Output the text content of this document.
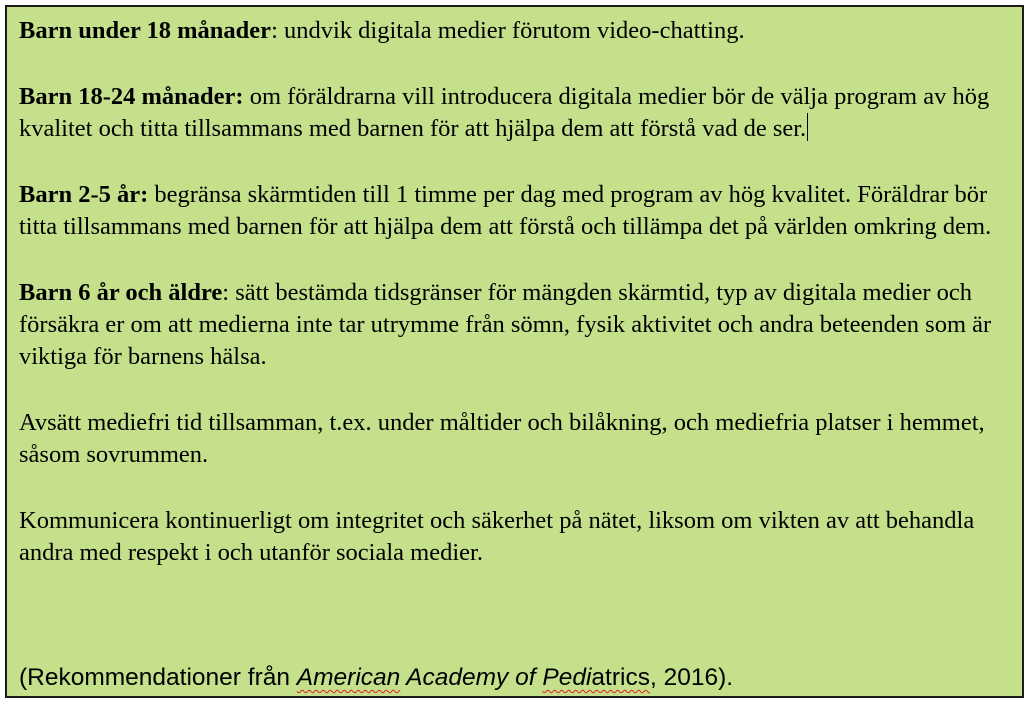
Barn under 18 månader: undvik digitala medier förutom video-chatting.

Barn 18-24 månader: om föräldrarna vill introducera digitala medier bör de välja program av hög kvalitet och titta tillsammans med barnen för att hjälpa dem att förstå vad de ser.

Barn 2-5 år: begränsa skärmtiden till 1 timme per dag med program av hög kvalitet. Föräldrar bör titta tillsammans med barnen för att hjälpa dem att förstå och tillämpa det på världen omkring dem.

Barn 6 år och äldre: sätt bestämda tidsgränser för mängden skärmtid, typ av digitala medier och försäkra er om att medierna inte tar utrymme från sömn, fysik aktivitet och andra beteenden som är viktiga för barnens hälsa.

Avsätt mediefri tid tillsamman, t.ex. under måltider och bilåkning, och mediefria platser i hemmet, såsom sovrummen.

Kommunicera kontinuerligt om integritet och säkerhet på nätet, liksom om vikten av att behandla andra med respekt i och utanför sociala medier.

(Rekommendationer från American Academy of Pediatrics, 2016).
